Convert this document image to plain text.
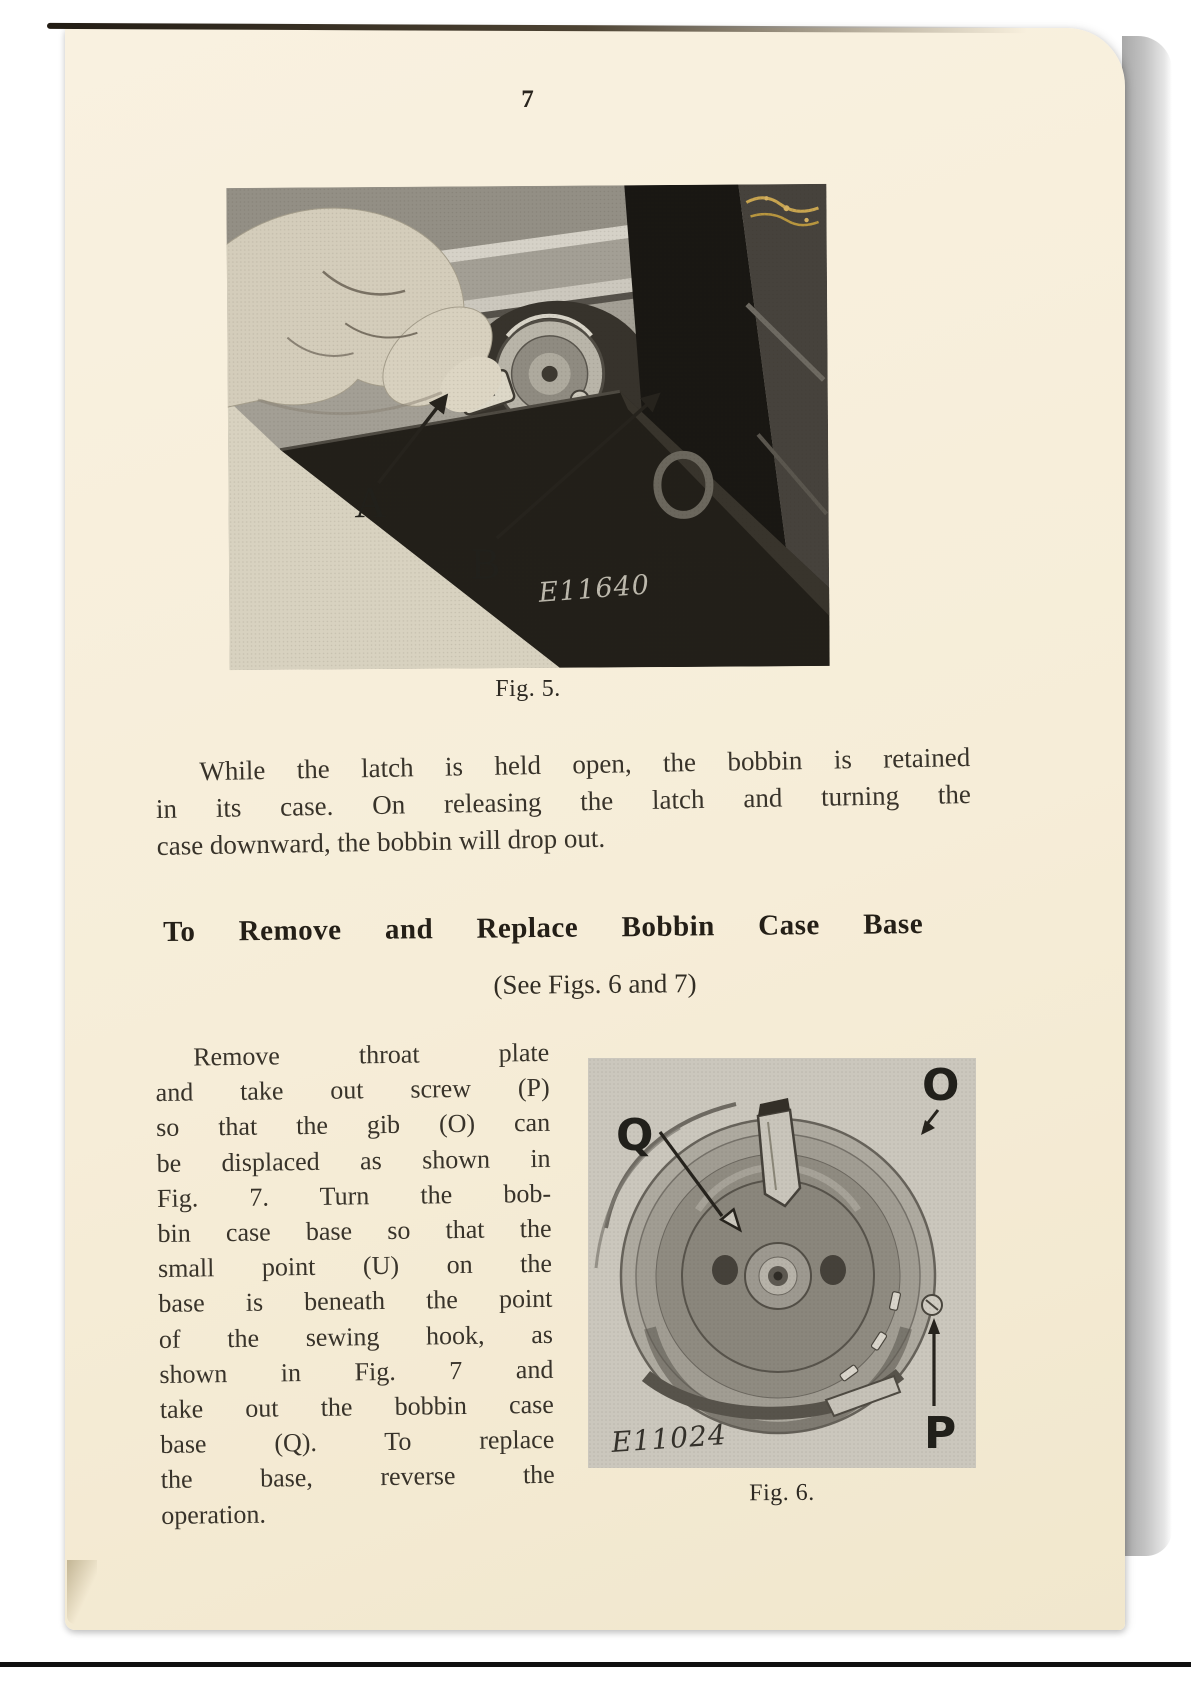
7
Fig. 5.
While the latch is held open, the bobbin is retained
in its case. On releasing the latch and turning the
case downward, the bobbin will drop out.
To Remove and Replace Bobbin Case Base
(See Figs. 6 and 7)
Remove throat plate
and take out screw (P)
so that the gib (O) can
be displaced as shown in
Fig. 7. Turn the bob-
bin case base so that the
small point (U) on the
base is beneath the point
of the sewing hook, as
shown in Fig. 7 and
take out the bobbin case
base (Q). To replace
the base, reverse the
operation.
Fig. 6.
